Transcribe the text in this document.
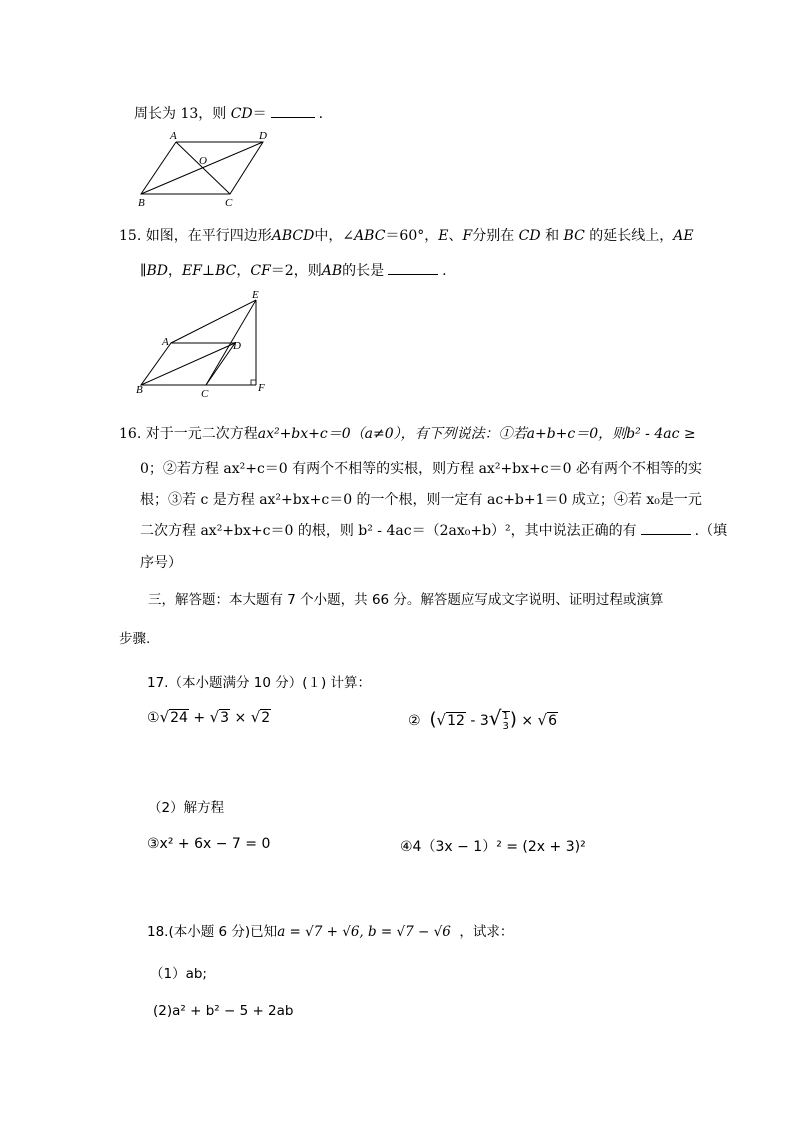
周长为 13，则 CD＝	.
A	D
O
B	C
15. 如图，在平行四边形ABCD中，∠ABC＝60°，E、F分别在 CD 和 BC 的延长线上，AE
∥BD，EF⊥BC，CF＝2，则AB的长是	.
E
A	D
B	C	F
16. 对于一元二次方程ax²+bx+c＝0（a≠0），有下列说法：①若a+b+c＝0，则b² - 4ac ≥
0；②若方程 ax²+c＝0 有两个不相等的实根，则方程 ax²+bx+c＝0 必有两个不相等的实
根；③若 c 是方程 ax²+bx+c＝0 的一个根，则一定有 ac+b+1＝0 成立；④若 x₀是一元
二次方程 ax²+bx+c＝0 的根，则 b² - 4ac＝（2ax₀+b）²，其中说法正确的有	.（填
序号）
三，解答题：本大题有 7 个小题，共 66 分。解答题应写成文字说明、证明过程或演算
步骤.
17.（本小题满分 10 分）(１) 计算：
①√24 + √3 × √2	② (√12 - 3√1
3) × √6
（2）解方程
③x² + 6x − 7 = 0	④4（3x − 1）² = (2x + 3)²
18.(本小题 6 分)已知a = √7 + √6, b = √7 − √6 ，试求：
（1）ab;
(2)a² + b² − 5 + 2ab
